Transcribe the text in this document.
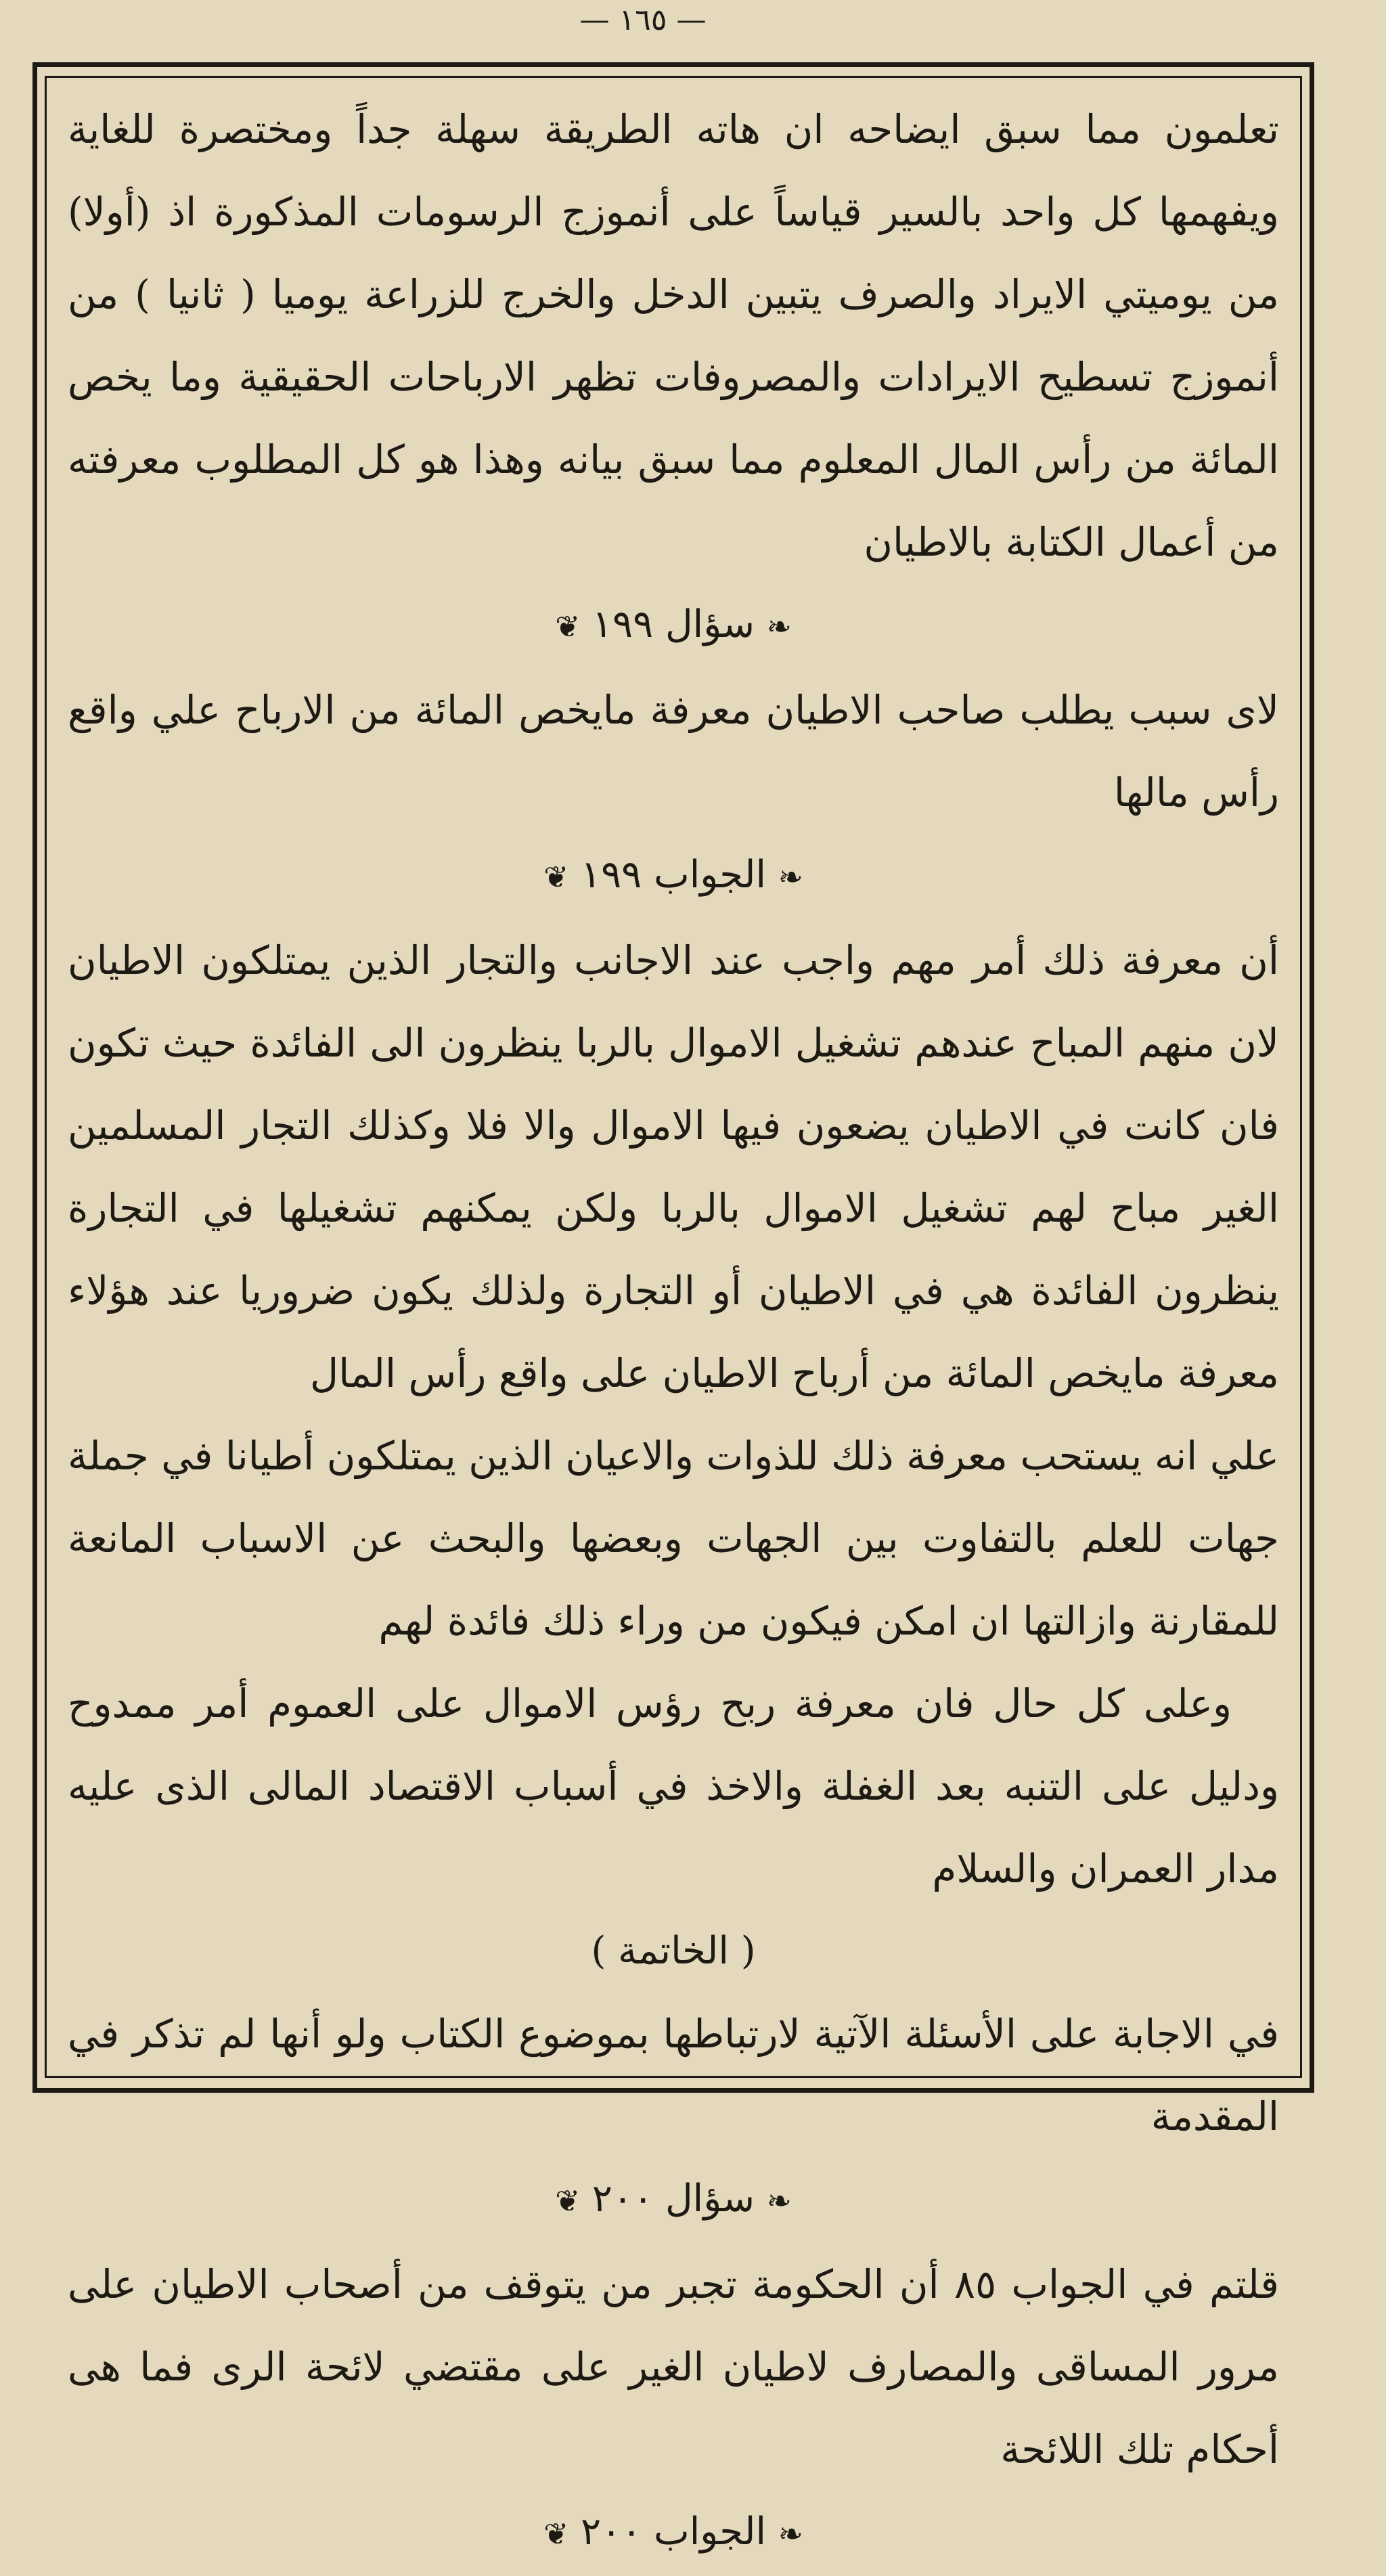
— ١٦٥ —

تعلمون مما سبق ايضاحه ان هاته الطريقة سهلة جداً ومختصرة للغاية ويفهمها كل واحد بالسير قياساً على أنموزج الرسومات المذكورة اذ (أولا) من يوميتي الايراد والصرف يتبين الدخل والخرج للزراعة يوميا ( ثانيا ) من أنموزج تسطيح الايرادات والمصروفات تظهر الارباحات الحقيقية وما يخص المائة من رأس المال المعلوم مما سبق بيانه وهذا هو كل المطلوب معرفته من أعمال الكتابة بالاطيان

❧ سؤال ١٩٩ ❦

لاى سبب يطلب صاحب الاطيان معرفة مايخص المائة من الارباح علي واقع رأس مالها

❧ الجواب ١٩٩ ❦

أن معرفة ذلك أمر مهم واجب عند الاجانب والتجار الذين يمتلكون الاطيان لان منهم المباح عندهم تشغيل الاموال بالربا ينظرون الى الفائدة حيث تكون فان كانت في الاطيان يضعون فيها الاموال والا فلا وكذلك التجار المسلمين الغير مباح لهم تشغيل الاموال بالربا ولكن يمكنهم تشغيلها في التجارة ينظرون الفائدة هي في الاطيان أو التجارة ولذلك يكون ضروريا عند هؤلاء معرفة مايخص المائة من أرباح الاطيان على واقع رأس المال

علي انه يستحب معرفة ذلك للذوات والاعيان الذين يمتلكون أطيانا في جملة جهات للعلم بالتفاوت بين الجهات وبعضها والبحث عن الاسباب المانعة للمقارنة وازالتها ان امكن فيكون من وراء ذلك فائدة لهم

وعلى كل حال فان معرفة ربح رؤس الاموال على العموم أمر ممدوح ودليل على التنبه بعد الغفلة والاخذ في أسباب الاقتصاد المالى الذى عليه مدار العمران والسلام

( الخاتمة )

في الاجابة على الأسئلة الآتية لارتباطها بموضوع الكتاب ولو أنها لم تذكر في المقدمة

❧ سؤال ٢٠٠ ❦

قلتم في الجواب ٨٥ أن الحكومة تجبر من يتوقف من أصحاب الاطيان على مرور المساقى والمصارف لاطيان الغير على مقتضي لائحة الرى فما هى أحكام تلك اللائحة

❧ الجواب ٢٠٠ ❦
